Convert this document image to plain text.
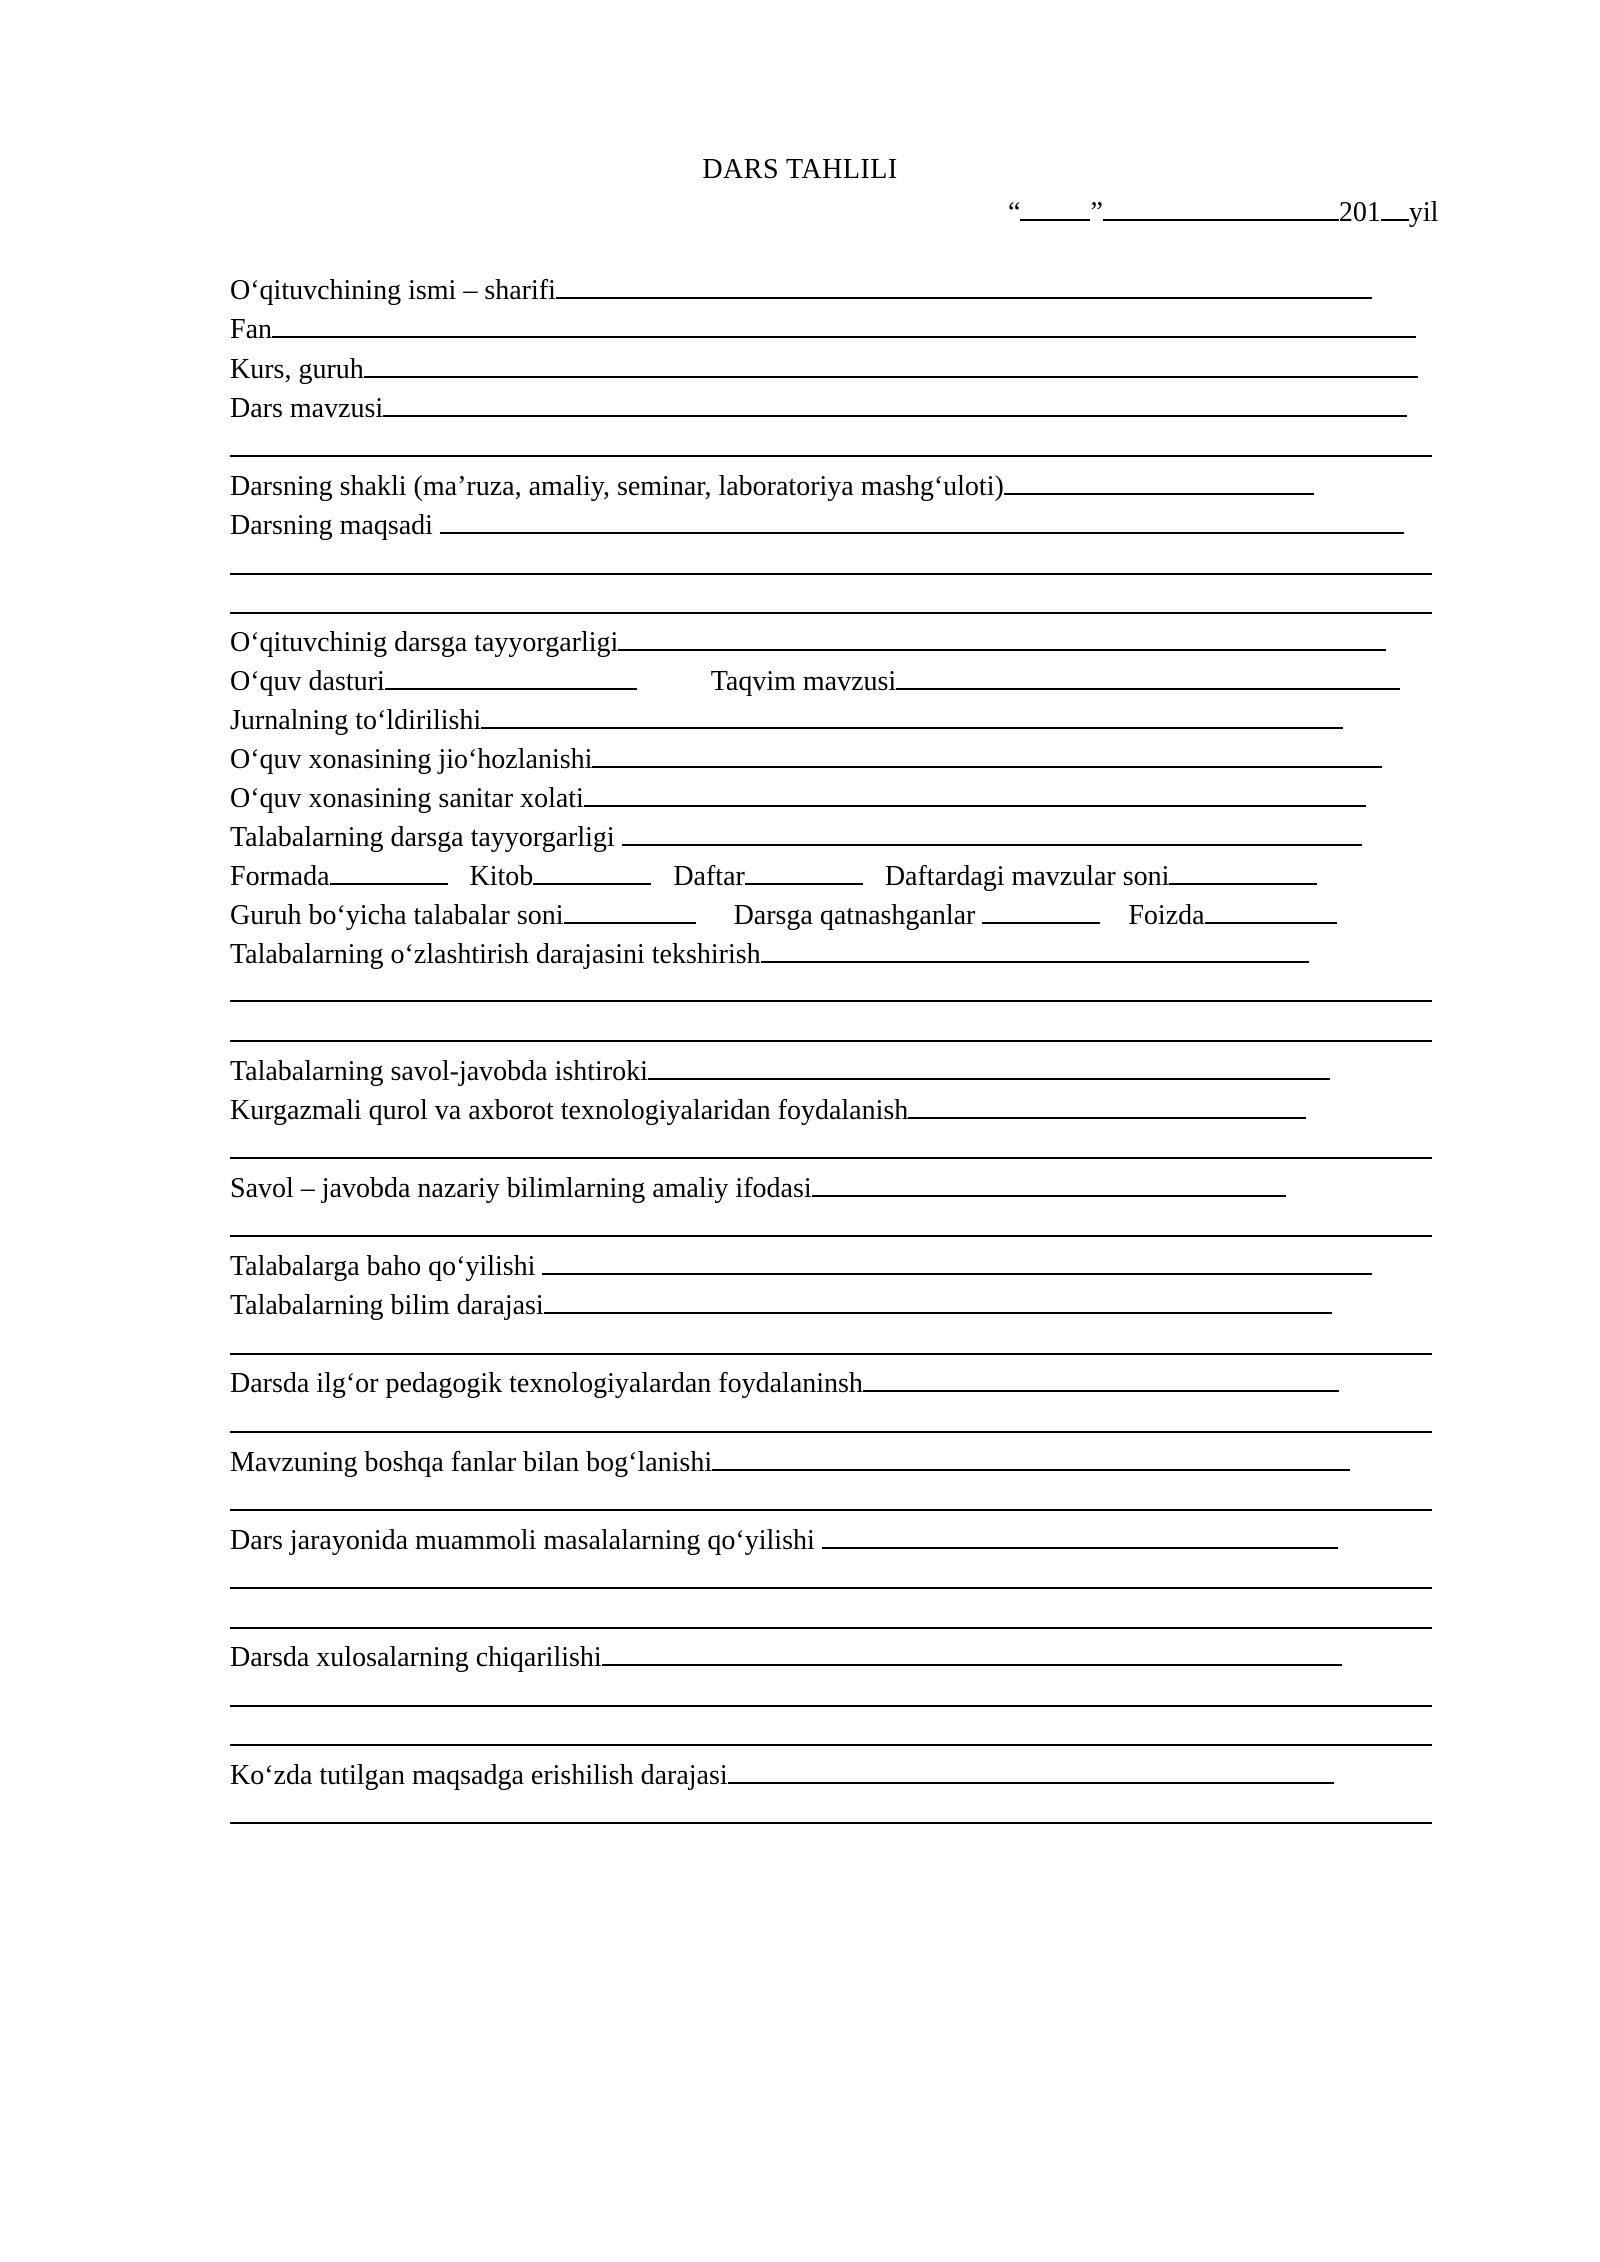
DARS TAHLILI
“	”	201 yil
O‘qituvchining ismi – sharifi
Fan
Kurs, guruh
Dars mavzusi
Darsning shakli (ma’ruza, amaliy, seminar, laboratoriya mashg‘uloti)
Darsning maqsadi
O‘qituvchinig darsga tayyorgarligi
O‘quv dasturi	Taqvim mavzusi
Jurnalning to‘ldirilishi
O‘quv xonasining jio‘hozlanishi
O‘quv xonasining sanitar xolati
Talabalarning darsga tayyorgarligi
Formada	Kitob	Daftar	Daftardagi mavzular soni
Guruh bo‘yicha talabalar soni	Darsga qatnashganlar	Foizda
Talabalarning o‘zlashtirish darajasini tekshirish
Talabalarning savol-javobda ishtiroki
Kurgazmali qurol va axborot texnologiyalaridan foydalanish
Savol – javobda nazariy bilimlarning amaliy ifodasi
Talabalarga baho qo‘yilishi
Talabalarning bilim darajasi
Darsda ilg‘or pedagogik texnologiyalardan foydalaninsh
Mavzuning boshqa fanlar bilan bog‘lanishi
Dars jarayonida muammoli masalalarning qo‘yilishi
Darsda xulosalarning chiqarilishi
Ko‘zda tutilgan maqsadga erishilish darajasi
